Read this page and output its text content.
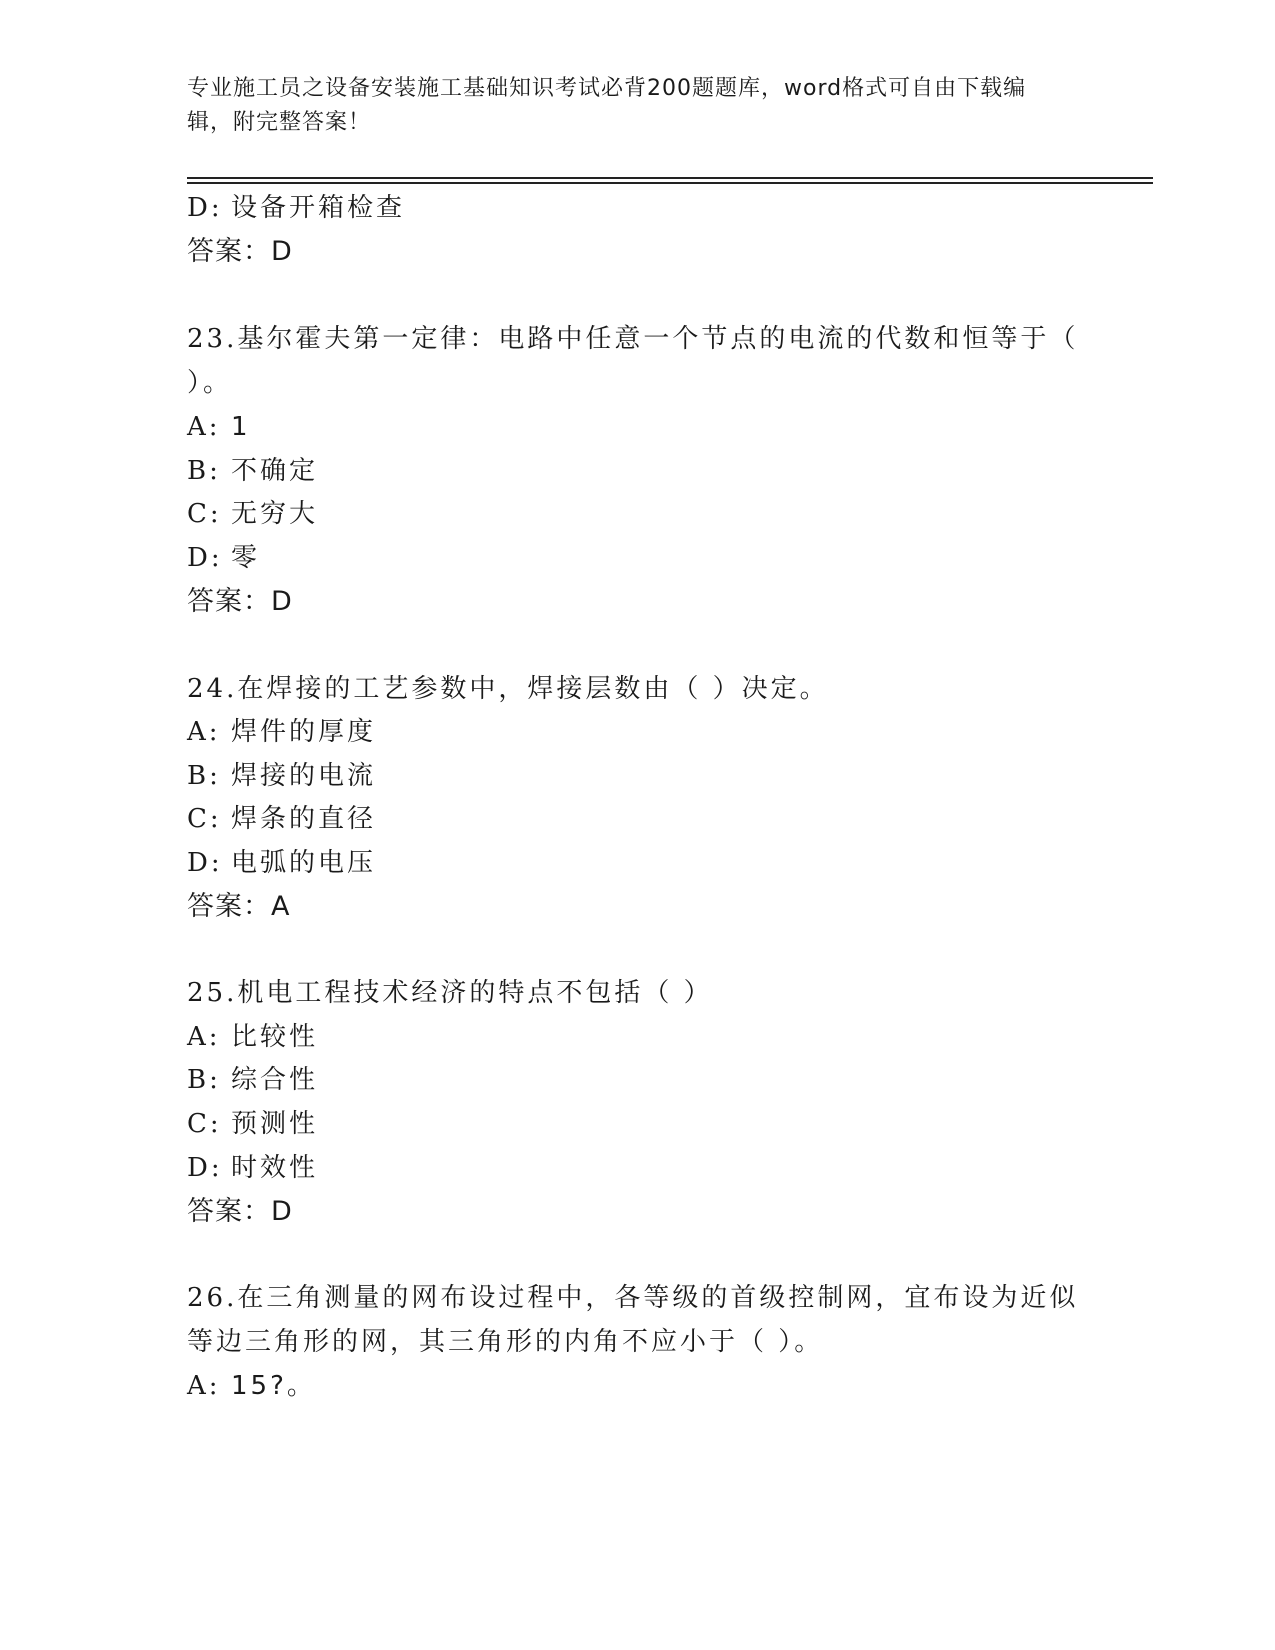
专业施工员之设备安装施工基础知识考试必背200题题库，word格式可自由下载编辑，附完整答案！
D: 设备开箱检查
答案：D
23.基尔霍夫第一定律：电路中任意一个节点的电流的代数和恒等于（
）。
A: 1
B: 不确定
C: 无穷大
D: 零
答案：D
24.在焊接的工艺参数中，焊接层数由（ ）决定。
A: 焊件的厚度
B: 焊接的电流
C: 焊条的直径
D: 电弧的电压
答案：A
25.机电工程技术经济的特点不包括（ ）
A: 比较性
B: 综合性
C: 预测性
D: 时效性
答案：D
26.在三角测量的网布设过程中，各等级的首级控制网，宜布设为近似
等边三角形的网，其三角形的内角不应小于（ ）。
A: 15?。
